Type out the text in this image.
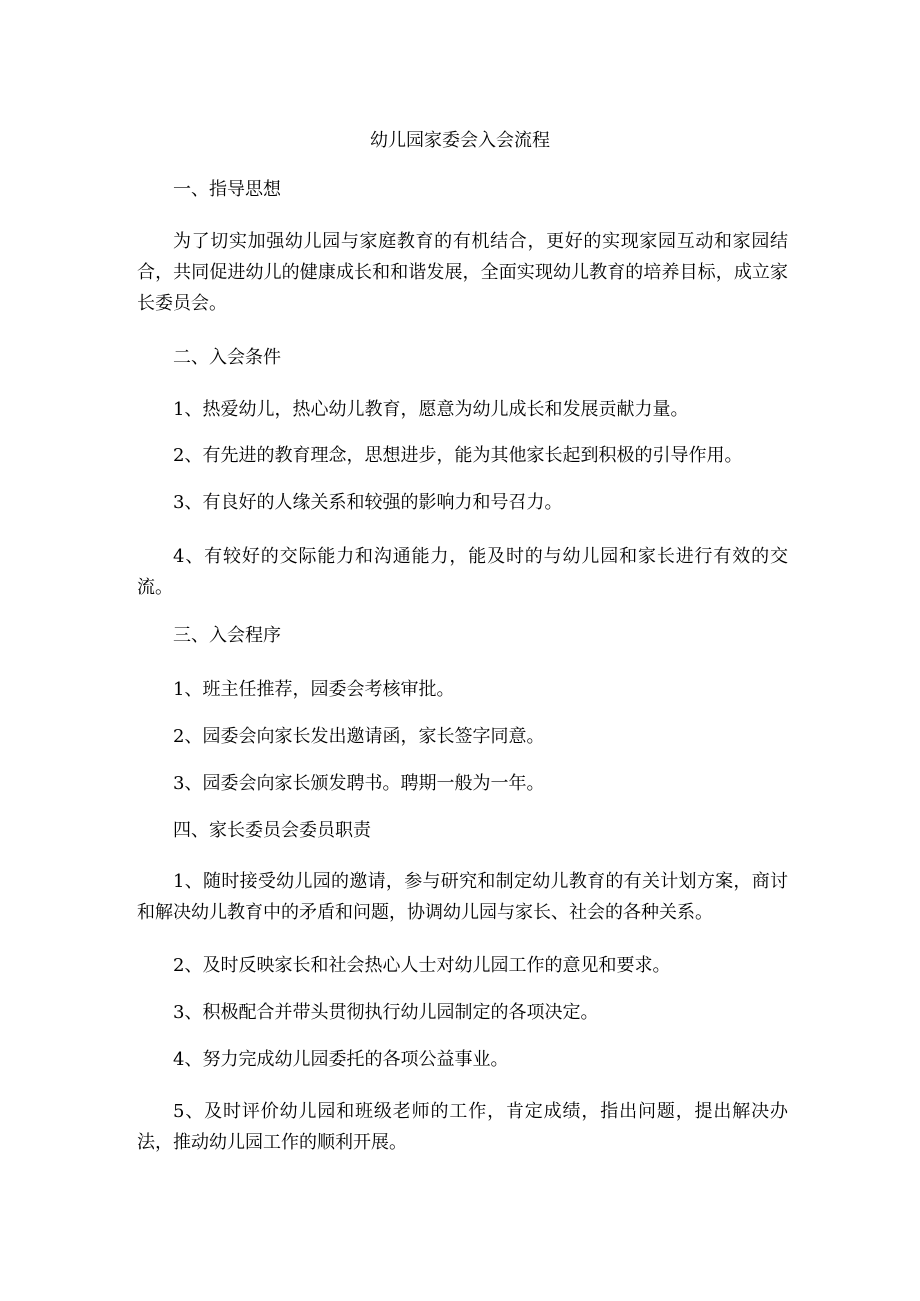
幼儿园家委会入会流程

一、指导思想

为了切实加强幼儿园与家庭教育的有机结合，更好的实现家园互动和家园结合，共同促进幼儿的健康成长和和谐发展，全面实现幼儿教育的培养目标，成立家长委员会。

二、入会条件

1、热爱幼儿，热心幼儿教育，愿意为幼儿成长和发展贡献力量。

2、有先进的教育理念，思想进步，能为其他家长起到积极的引导作用。

3、有良好的人缘关系和较强的影响力和号召力。

4、有较好的交际能力和沟通能力，能及时的与幼儿园和家长进行有效的交流。

三、入会程序

1、班主任推荐，园委会考核审批。

2、园委会向家长发出邀请函，家长签字同意。

3、园委会向家长颁发聘书。聘期一般为一年。

四、家长委员会委员职责

1、随时接受幼儿园的邀请，参与研究和制定幼儿教育的有关计划方案，商讨和解决幼儿教育中的矛盾和问题，协调幼儿园与家长、社会的各种关系。

2、及时反映家长和社会热心人士对幼儿园工作的意见和要求。

3、积极配合并带头贯彻执行幼儿园制定的各项决定。

4、努力完成幼儿园委托的各项公益事业。

5、及时评价幼儿园和班级老师的工作，肯定成绩，指出问题，提出解决办法，推动幼儿园工作的顺利开展。
